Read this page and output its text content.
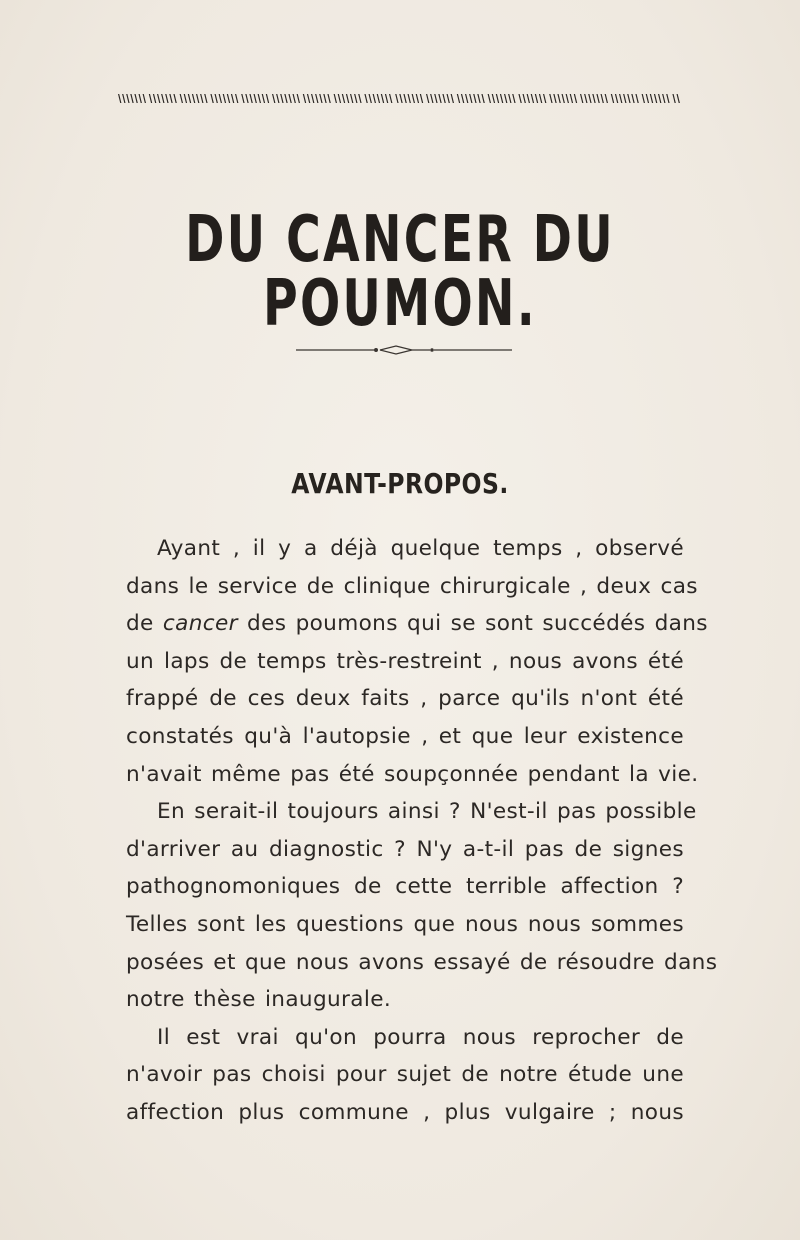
DU CANCER DU POUMON.
AVANT-PROPOS.
Ayant , il y a déjà quelque temps , observé
dans le service de clinique chirurgicale , deux cas
de cancer des poumons qui se sont succédés dans
un laps de temps très-restreint , nous avons été
frappé de ces deux faits , parce qu'ils n'ont été
constatés qu'à l'autopsie , et que leur existence
n'avait même pas été soupçonnée pendant la vie.
En serait-il toujours ainsi ? N'est-il pas possible
d'arriver au diagnostic ? N'y a-t-il pas de signes
pathognomoniques de cette terrible affection ?
Telles sont les questions que nous nous sommes
posées et que nous avons essayé de résoudre dans
notre thèse inaugurale.
Il est vrai qu'on pourra nous reprocher de
n'avoir pas choisi pour sujet de notre étude une
affection plus commune , plus vulgaire ; nous
